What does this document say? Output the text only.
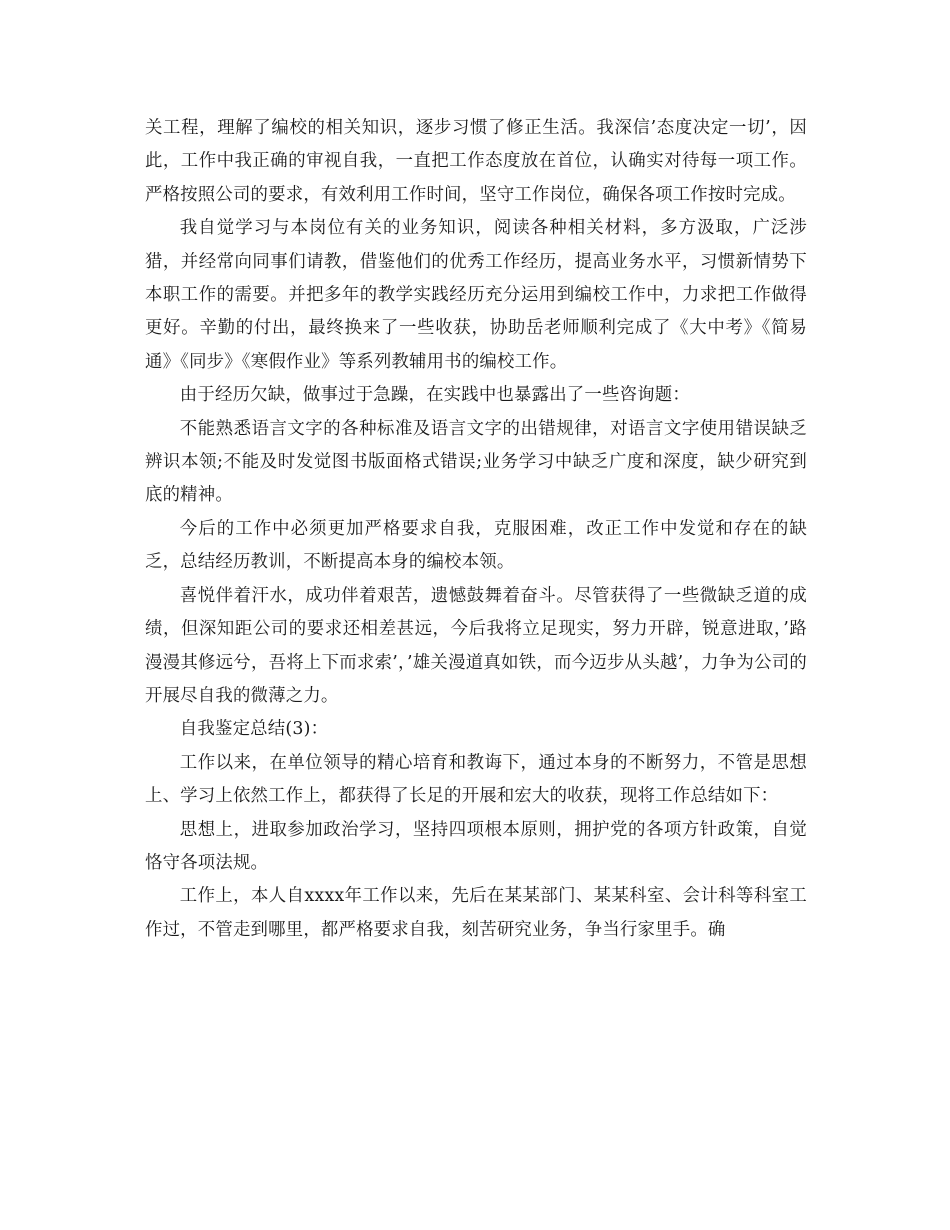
关工程，理解了编校的相关知识，逐步习惯了修正生活。我深信’态度决定一切’，因此，工作中我正确的审视自我，一直把工作态度放在首位，认确实对待每一项工作。严格按照公司的要求，有效利用工作时间，坚守工作岗位，确保各项工作按时完成。

我自觉学习与本岗位有关的业务知识，阅读各种相关材料，多方汲取，广泛涉猎，并经常向同事们请教，借鉴他们的优秀工作经历，提高业务水平，习惯新情势下本职工作的需要。并把多年的教学实践经历充分运用到编校工作中，力求把工作做得更好。辛勤的付出，最终换来了一些收获，协助岳老师顺利完成了《大中考》《简易通》《同步》《寒假作业》等系列教辅用书的编校工作。

由于经历欠缺，做事过于急躁，在实践中也暴露出了一些咨询题：

不能熟悉语言文字的各种标准及语言文字的出错规律，对语言文字使用错误缺乏辨识本领;不能及时发觉图书版面格式错误;业务学习中缺乏广度和深度，缺少研究到底的精神。

今后的工作中必须更加严格要求自我，克服困难，改正工作中发觉和存在的缺乏，总结经历教训，不断提高本身的编校本领。

喜悦伴着汗水，成功伴着艰苦，遗憾鼓舞着奋斗。尽管获得了一些微缺乏道的成绩，但深知距公司的要求还相差甚远，今后我将立足现实，努力开辟，锐意进取，’路漫漫其修远兮，吾将上下而求索’，’雄关漫道真如铁，而今迈步从头越’，力争为公司的开展尽自我的微薄之力。

自我鉴定总结(3)：

工作以来，在单位领导的精心培育和教诲下，通过本身的不断努力，不管是思想上、学习上依然工作上，都获得了长足的开展和宏大的收获，现将工作总结如下：

思想上，进取参加政治学习，坚持四项根本原则，拥护党的各项方针政策，自觉恪守各项法规。

工作上，本人自xxxx年工作以来，先后在某某部门、某某科室、会计科等科室工作过，不管走到哪里，都严格要求自我，刻苦研究业务，争当行家里手。确
